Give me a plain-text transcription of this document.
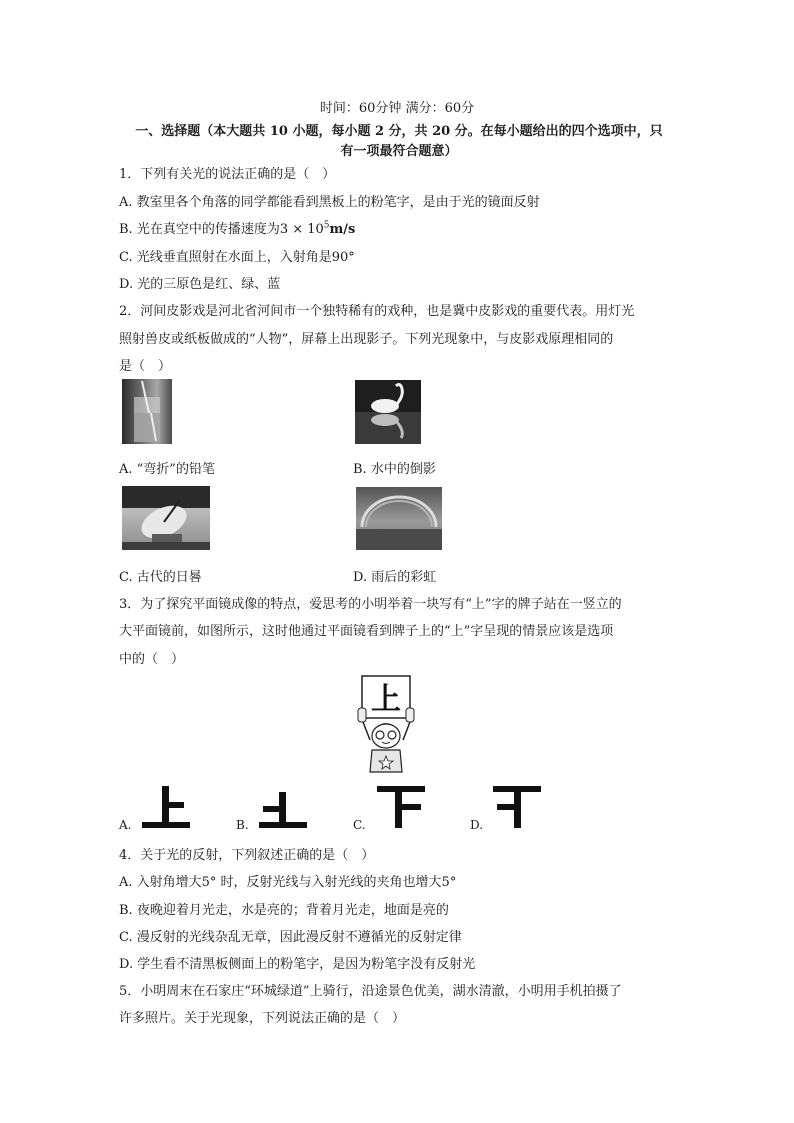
时间：60分钟 满分：60分
一、选择题（本大题共 10 小题，每小题 2 分，共 20 分。在每小题给出的四个选项中，只
有一项最符合题意）
1．下列有关光的说法正确的是（　）
A. 教室里各个角落的同学都能看到黑板上的粉笔字，是由于光的镜面反射
B. 光在真空中的传播速度为$3 \times 10^5m/s$
C. 光线垂直照射在水面上，入射角是90°
D. 光的三原色是红、绿、蓝
2．河间皮影戏是河北省河间市一个独特稀有的戏种，也是冀中皮影戏的重要代表。用灯光
照射兽皮或纸板做成的“人物”，屏幕上出现影子。下列光现象中，与皮影戏原理相同的
是（　）
A. “弯折”的铅笔	B. 水中的倒影
C. 古代的日晷	D. 雨后的彩虹
3．为了探究平面镜成像的特点，爱思考的小明举着一块写有“上”字的牌子站在一竖立的
大平面镜前，如图所示，这时他通过平面镜看到牌子上的“上”字呈现的情景应该是选项
中的（　）
上
A.	B.	C.	D.
4．关于光的反射，下列叙述正确的是（　）
A. 入射角增大5° 时，反射光线与入射光线的夹角也增大5°
B. 夜晚迎着月光走，水是亮的；背着月光走，地面是亮的
C. 漫反射的光线杂乱无章，因此漫反射不遵循光的反射定律
D. 学生看不清黑板侧面上的粉笔字，是因为粉笔字没有反射光
5．小明周末在石家庄“环城绿道”上骑行，沿途景色优美，湖水清澈，小明用手机拍摄了
许多照片。关于光现象，下列说法正确的是（　）
